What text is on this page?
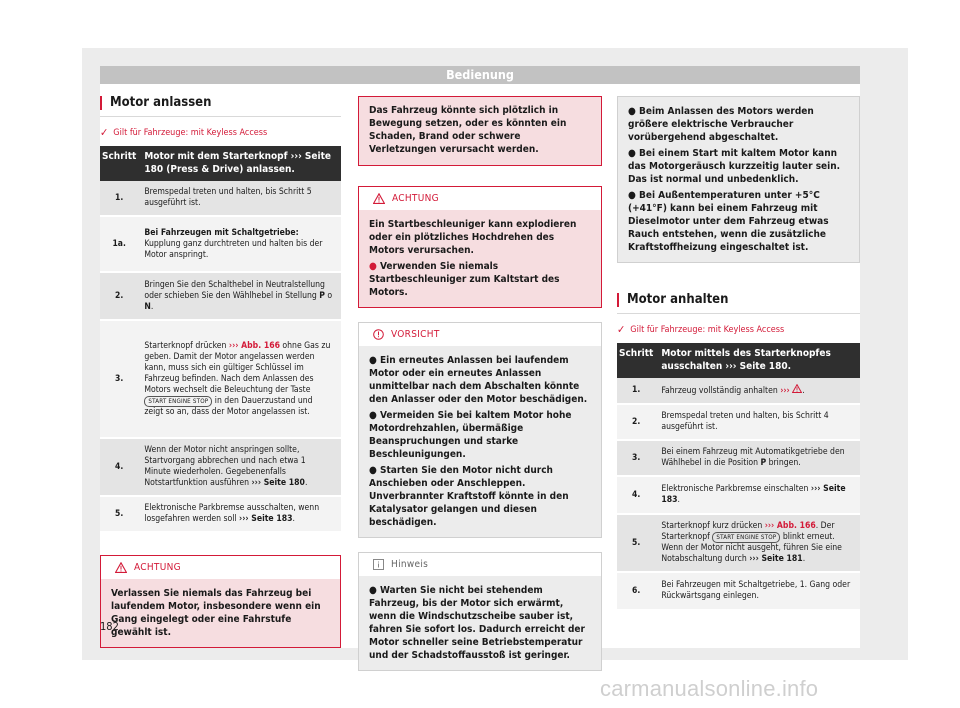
Bedienung
Motor anlassen
✓ Gilt für Fahrzeuge: mit Keyless Access
Schritt	Motor mit dem Starterknopf ››› Seite 180 (Press & Drive) anlassen.
1.	Bremspedal treten und halten, bis Schritt 5 ausgeführt ist.
1a.	Bei Fahrzeugen mit Schaltgetriebe: Kupplung ganz durchtreten und halten bis der Motor anspringt.
2.	Bringen Sie den Schalthebel in Neutralstellung oder schieben Sie den Wählhebel in Stellung P o N.
3.	Starterknopf drücken ››› Abb. 166 ohne Gas zu geben. Damit der Motor angelassen werden kann, muss sich ein gültiger Schlüssel im Fahrzeug befinden. Nach dem Anlassen des Motors wechselt die Beleuchtung der Taste START ENGINE STOP in den Dauerzustand und zeigt so an, dass der Motor angelassen ist.
4.	Wenn der Motor nicht anspringen sollte, Startvorgang abbrechen und nach etwa 1 Minute wiederholen. Gegebenenfalls Notstartfunktion ausführen ››› Seite 180.
5.	Elektronische Parkbremse ausschalten, wenn losgefahren werden soll ››› Seite 183.
ACHTUNG
Verlassen Sie niemals das Fahrzeug bei laufendem Motor, insbesondere wenn ein Gang eingelegt oder eine Fahrstufe gewählt ist.
Das Fahrzeug könnte sich plötzlich in Bewegung setzen, oder es könnten ein Schaden, Brand oder schwere Verletzungen verursacht werden.
ACHTUNG

Ein Startbeschleuniger kann explodieren oder ein plötzliches Hochdrehen des Motors verursachen.

● Verwenden Sie niemals Startbeschleuniger zum Kaltstart des Motors.

VORSICHT

● Ein erneutes Anlassen bei laufendem Motor oder ein erneutes Anlassen unmittelbar nach dem Abschalten könnte den Anlasser oder den Motor beschädigen.

● Vermeiden Sie bei kaltem Motor hohe Motordrehzahlen, übermäßige Beanspruchungen und starke Beschleunigungen.

● Starten Sie den Motor nicht durch Anschieben oder Anschleppen. Unverbrannter Kraftstoff könnte in den Katalysator gelangen und diesen beschädigen.

Hinweis

● Warten Sie nicht bei stehendem Fahrzeug, bis der Motor sich erwärmt, wenn die Windschutzscheibe sauber ist, fahren Sie sofort los. Dadurch erreicht der Motor schneller seine Betriebstemperatur und der Schadstoffausstoß ist geringer.

● Beim Anlassen des Motors werden größere elektrische Verbraucher vorübergehend abgeschaltet.

● Bei einem Start mit kaltem Motor kann das Motorgeräusch kurzzeitig lauter sein. Das ist normal und unbedenklich.

● Bei Außentemperaturen unter +5°C (+41°F) kann bei einem Fahrzeug mit Dieselmotor unter dem Fahrzeug etwas Rauch entstehen, wenn die zusätzliche Kraftstoffheizung eingeschaltet ist.

Motor anhalten
✓ Gilt für Fahrzeuge: mit Keyless Access
Schritt	Motor mittels des Starterknopfes ausschalten ››› Seite 180.
1.	Fahrzeug vollständig anhalten ››› .
2.	Bremspedal treten und halten, bis Schritt 4 ausgeführt ist.
3.	Bei einem Fahrzeug mit Automatikgetriebe den Wählhebel in die Position P bringen.
4.	Elektronische Parkbremse einschalten ››› Seite 183.
5.	Starterknopf kurz drücken ››› Abb. 166. Der Starterknopf START ENGINE STOP blinkt erneut. Wenn der Motor nicht ausgeht, führen Sie eine Notabschaltung durch ››› Seite 181.
6.	Bei Fahrzeugen mit Schaltgetriebe, 1. Gang oder Rückwärtsgang einlegen.
182
carmanualsonline.info
